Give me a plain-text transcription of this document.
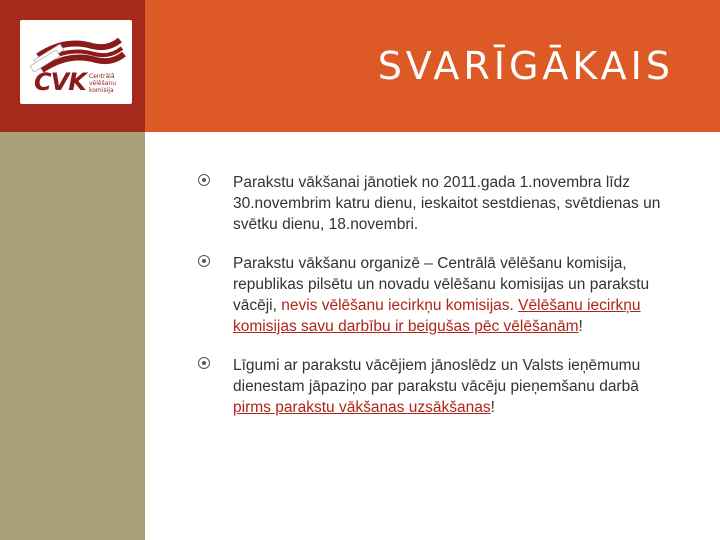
SVARĪGĀKAIS
CVK Centrālā
vēlēšanu
komisija
Parakstu vākšanai jānotiek no 2011.gada 1.novembra līdz 30.novembrim katru dienu, ieskaitot sestdienas, svētdienas un svētku dienu, 18.novembri.
Parakstu vākšanu organizē – Centrālā vēlēšanu komisija, republikas pilsētu un novadu vēlēšanu komisijas un parakstu vācēji, nevis vēlēšanu iecirkņu komisijas. Vēlēšanu iecirkņu komisijas savu darbību ir beigušas pēc vēlēšanām!
Līgumi ar parakstu vācējiem jānoslēdz un Valsts ieņēmumu dienestam jāpaziņo par parakstu vācēju pieņemšanu darbā pirms parakstu vākšanas uzsākšanas!
